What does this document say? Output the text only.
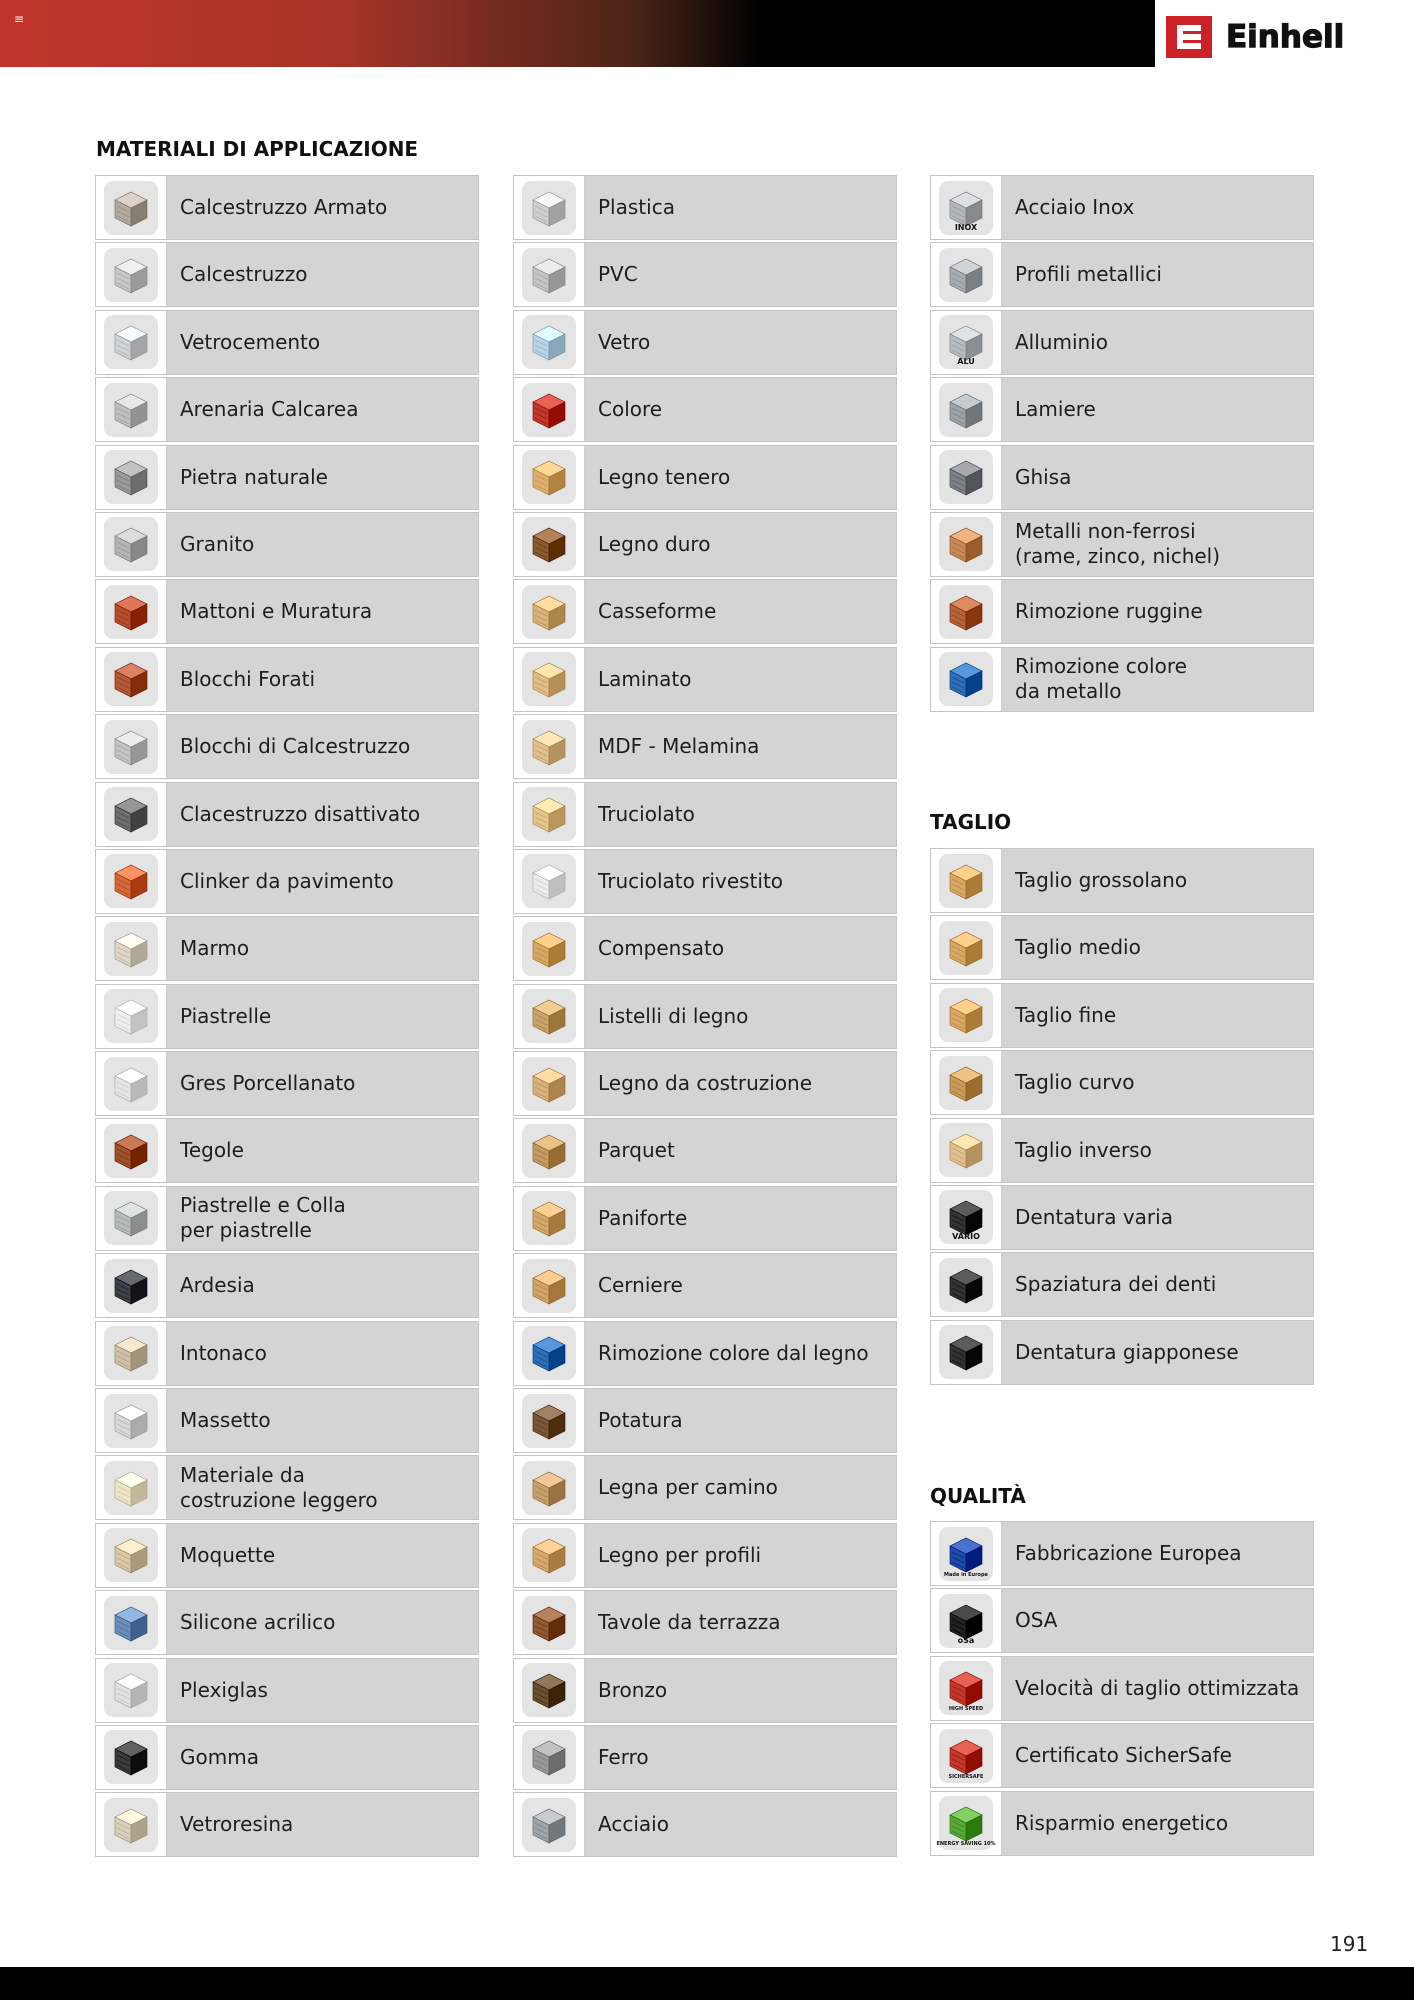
≡	Einhell
MATERIALI DI APPLICAZIONE
Calcestruzzo Armato
Calcestruzzo
Vetrocemento
Arenaria Calcarea
Pietra naturale
Granito
Mattoni e Muratura
Blocchi Forati
Blocchi di Calcestruzzo
Clacestruzzo disattivato
Clinker da pavimento
Marmo
Piastrelle
Gres Porcellanato
Tegole
Piastrelle e Colla
per piastrelle
Ardesia
Intonaco
Massetto
Materiale da
costruzione leggero
Moquette
Silicone acrilico
Plexiglas
Gomma
Vetroresina
Plastica
PVC
Vetro
Colore
Legno tenero
Legno duro
Casseforme
Laminato
MDF - Melamina
Truciolato
Truciolato rivestito
Compensato
Listelli di legno
Legno da costruzione
Parquet
Paniforte
Cerniere
Rimozione colore dal legno
Potatura
Legna per camino
Legno per profili
Tavole da terrazza
Bronzo
Ferro
Acciaio
INOX
Acciaio Inox
Profili metallici
ALU
Alluminio
Lamiere
Ghisa
Metalli non-ferrosi
(rame, zinco, nichel)
Rimozione ruggine
Rimozione colore
da metallo
TAGLIO
Taglio grossolano
Taglio medio
Taglio fine
Taglio curvo
Taglio inverso
VARIO
Dentatura varia
Spaziatura dei denti
Dentatura giapponese
QUALITÀ
Made in Europe
Fabbricazione Europea
oSa
OSA
HIGH SPEED
Velocità di taglio ottimizzata
SICHERSAFE
Certificato SicherSafe
ENERGY SAVING 10%
Risparmio energetico
191
